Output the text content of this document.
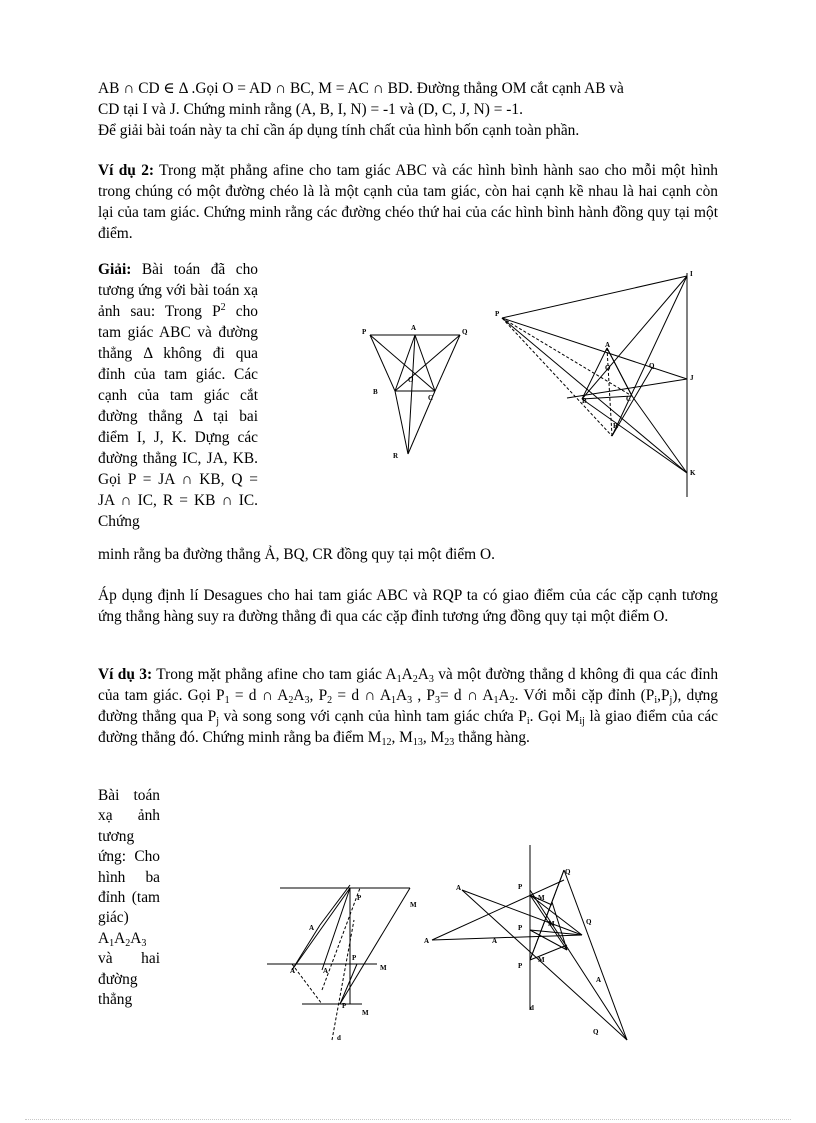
AB ∩ CD ∈ Δ .Gọi O = AD ∩ BC, M = AC ∩ BD. Đường thẳng OM cắt cạnh AB và
CD tại I và J. Chứng minh rằng (A, B, I, N) = -1 và (D, C, J, N) = -1.
Để giải bài toán này ta chỉ cần áp dụng tính chất của hình bốn cạnh toàn phần.

Ví dụ 2: Trong mặt phẳng afine cho tam giác ABC và các hình bình hành sao cho mỗi một hình trong chúng có một đường chéo là là một cạnh của tam giác, còn hai cạnh kề nhau là hai cạnh còn lại của tam giác. Chứng minh rằng các đường chéo thứ hai của các hình bình hành đồng quy tại một điểm.

Giải: Bài toán đã cho tương ứng với bài toán xạ ảnh sau: Trong $P^2$ cho tam giác ABC và đường thẳng Δ không đi qua đỉnh của tam giác. Các cạnh của tam giác cắt đường thẳng Δ tại bai điểm I, J, K. Dựng các đường thẳng IC, JA, KB. Gọi P = JA ∩ KB, Q = JA ∩ IC, R = KB ∩ IC. Chứng

minh rằng ba đường thẳng Ả, BQ, CR đồng quy tại một điểm O.
P	A	Q
O
B
C
R
I
P
A
O	Q
J
B	C
R
K

Áp dụng định lí Desagues cho hai tam giác ABC và RQP ta có giao điểm của các cặp cạnh tương ứng thẳng hàng suy ra đường thẳng đi qua các cặp đỉnh tương ứng đồng quy tại một điểm O.

Ví dụ 3: Trong mặt phẳng afine cho tam giác $A_1A_2A_3$ và một đường thẳng d không đi qua các đỉnh của tam giác. Gọi $P_1 = d$ ∩ $A_2A_3$, $P_2 = d$ ∩ $A_1A_3$ , $P_3= d$ ∩ $A_1A_2$. Với mỗi cặp đỉnh $(P_i,P_j)$, dựng đường thẳng qua $P_j$ và song song với cạnh của hình tam giác chứa $P_i$. Gọi $M_{ij}$ là giao điểm của các đường thẳng đó. Chứng minh rằng ba điểm $M_{12}$, $M_{13}$, $M_{23}$ thẳng hàng.

Bài toán xạ ảnh tương ứng: Cho hình ba đỉnh (tam giác) $A_1A_2A_3$ và hai đường thẳng

P
M
A
A	A
P
M
P
M
d
A
A	A
P
P
P
M
M
M
Q
Q
Q
A
d
